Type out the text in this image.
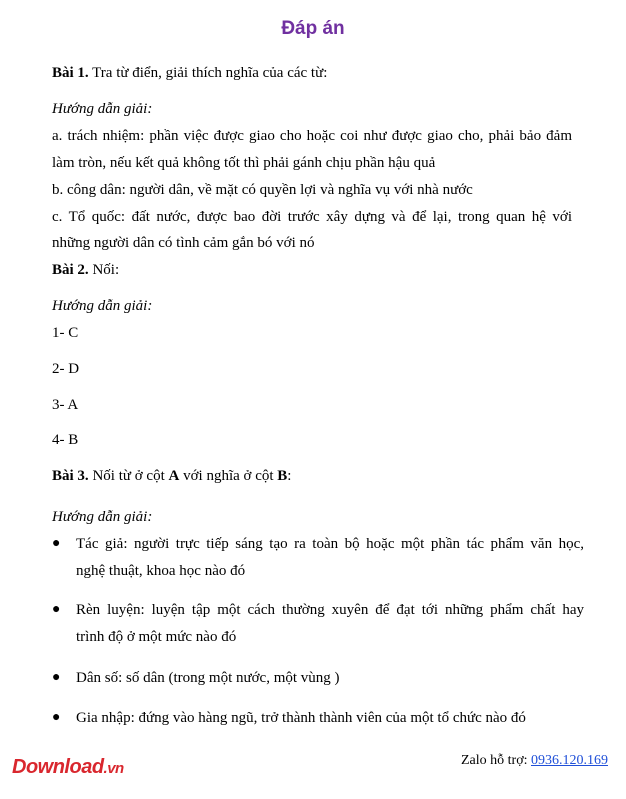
Đáp án
Bài 1. Tra từ điển, giải thích nghĩa của các từ:
Hướng dẫn giải:
a. trách nhiệm: phần việc được giao cho hoặc coi như được giao cho, phải bảo đảm
làm tròn, nếu kết quả không tốt thì phải gánh chịu phần hậu quả
b. công dân: người dân, về mặt có quyền lợi và nghĩa vụ với nhà nước
c. Tổ quốc: đất nước, được bao đời trước xây dựng và để lại, trong quan hệ với
những người dân có tình cảm gắn bó với nó
Bài 2. Nối:
Hướng dẫn giải:
1- C
2- D
3- A
4- B
Bài 3. Nối từ ở cột A với nghĩa ở cột B:
Hướng dẫn giải:
● Tác giả: người trực tiếp sáng tạo ra toàn bộ hoặc một phần tác phẩm văn học,
nghệ thuật, khoa học nào đó
● Rèn luyện: luyện tập một cách thường xuyên để đạt tới những phẩm chất hay
trình độ ở một mức nào đó
● Dân số: số dân (trong một nước, một vùng )
● Gia nhập: đứng vào hàng ngũ, trở thành thành viên của một tổ chức nào đó
Download.vn	Zalo hỗ trợ: 0936.120.169
